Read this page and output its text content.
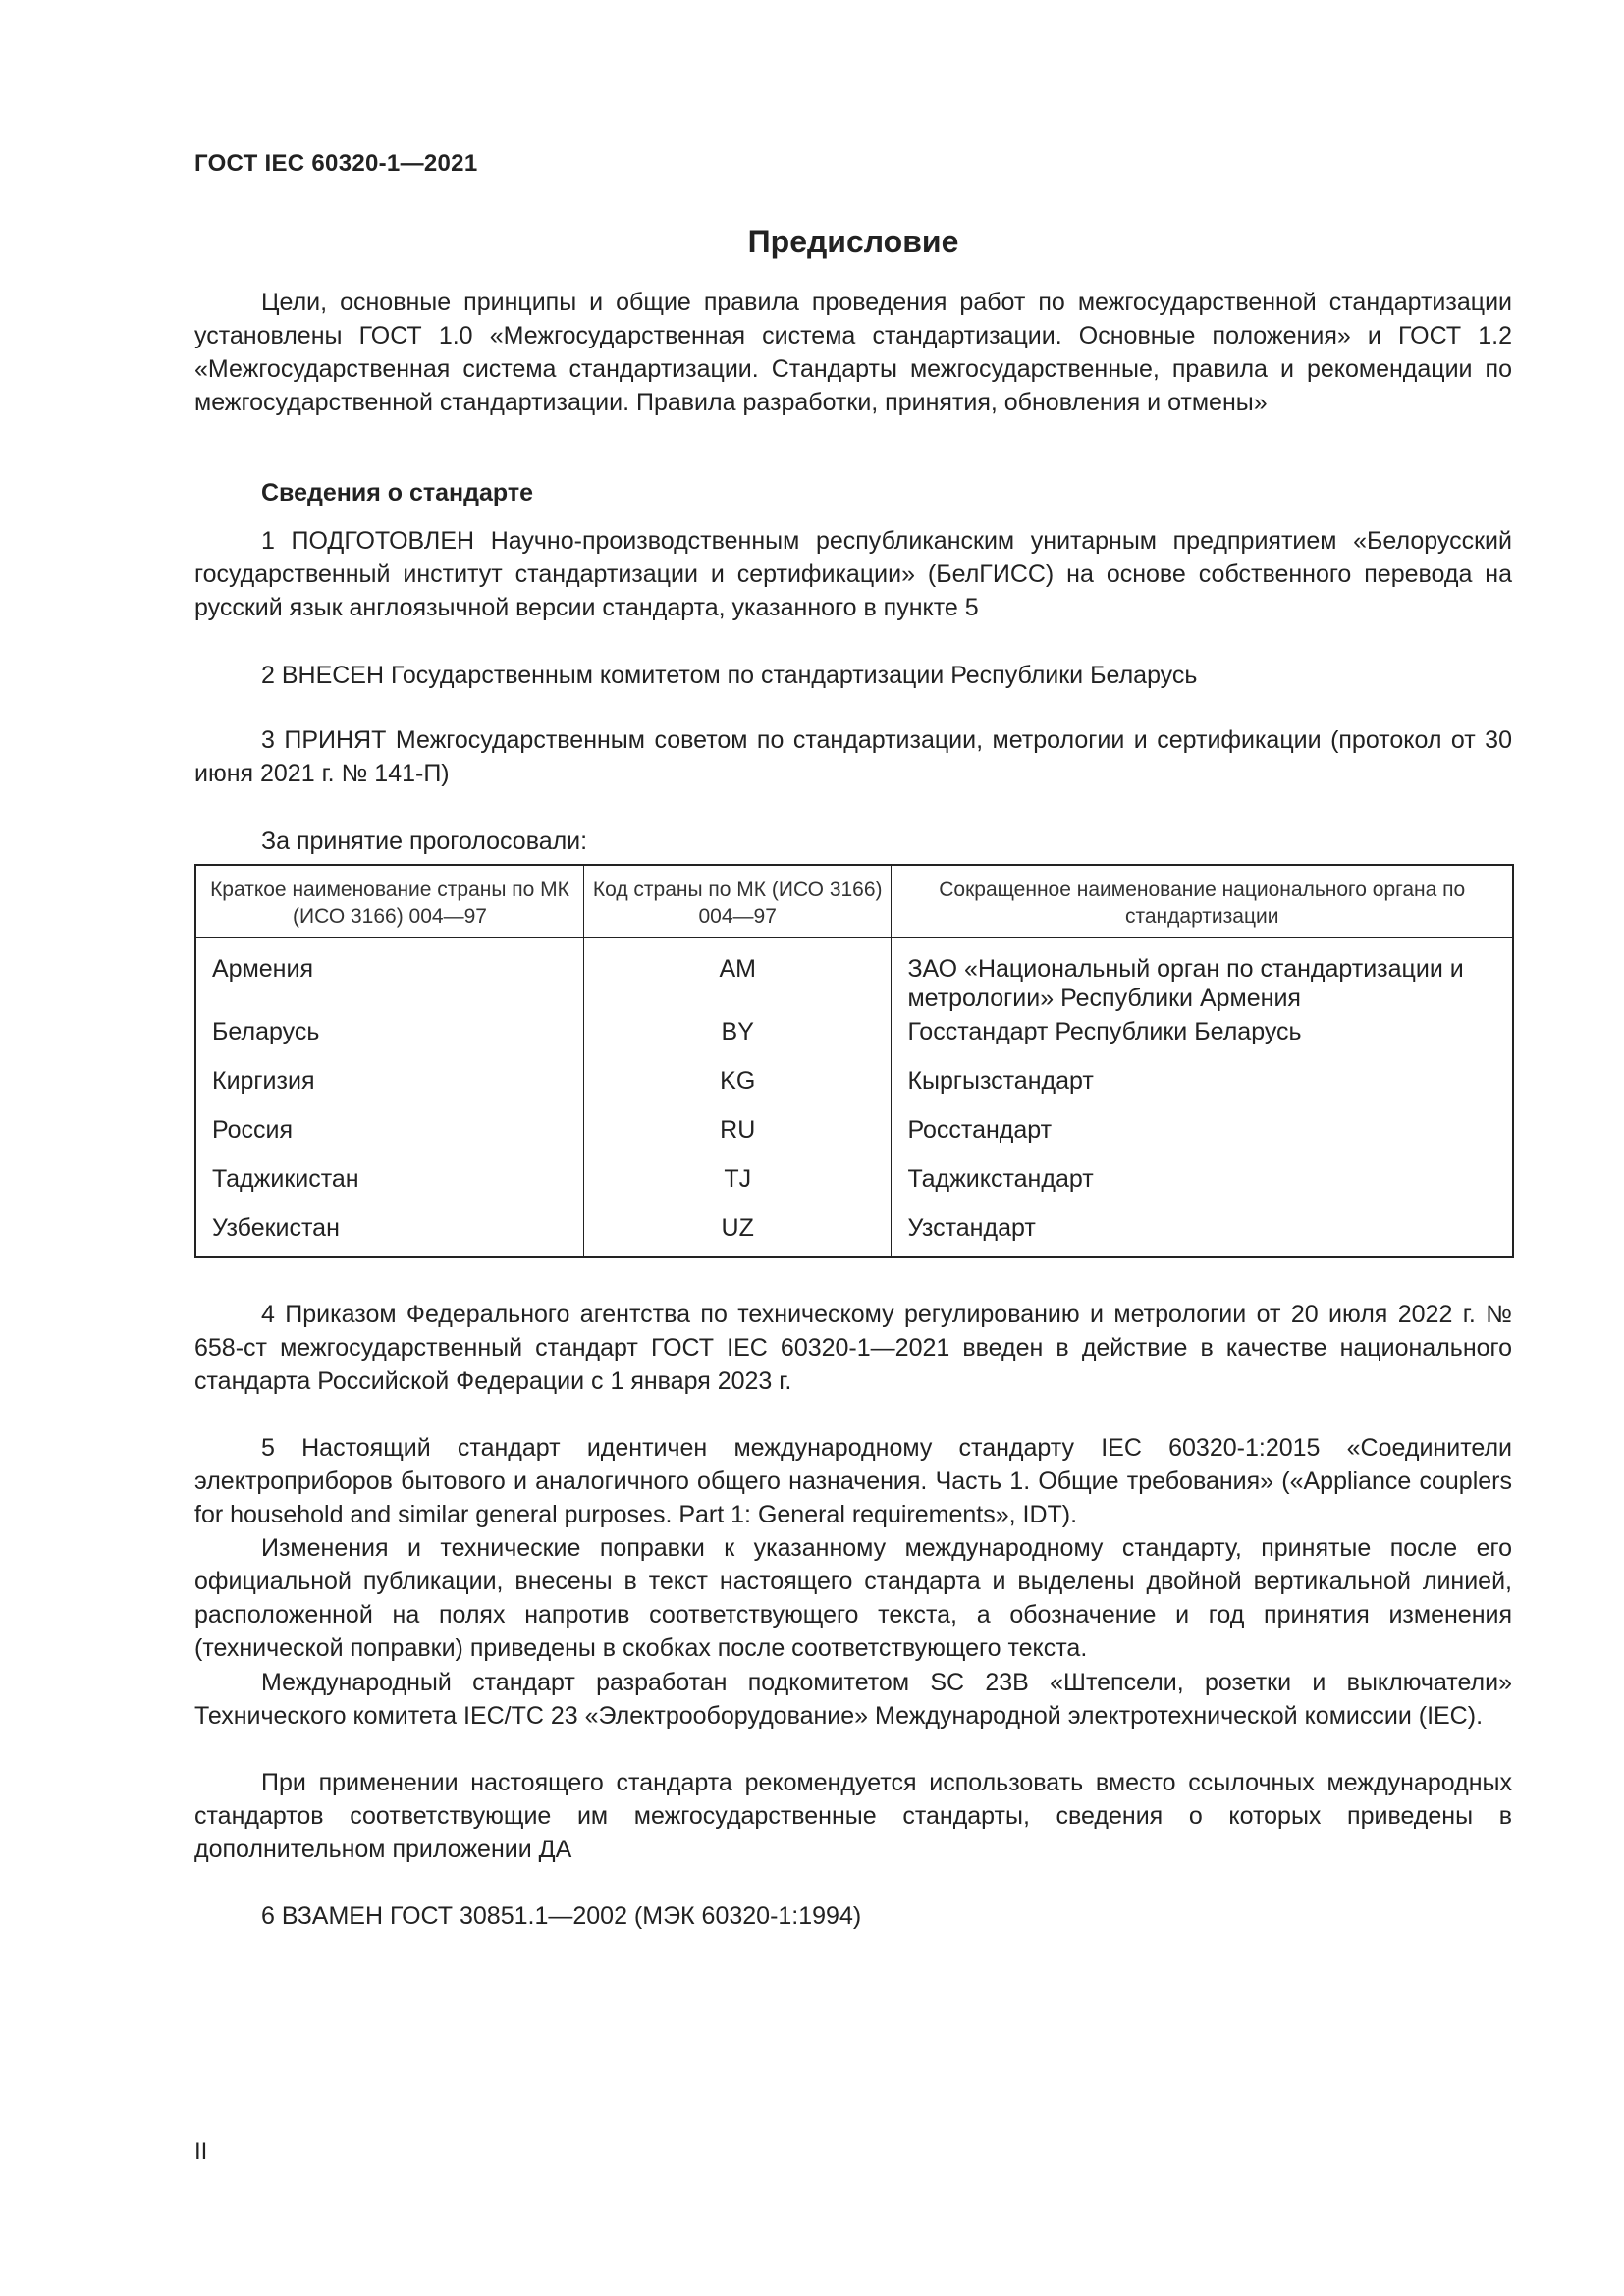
ГОСТ IEC 60320-1—2021
Предисловие
Цели, основные принципы и общие правила проведения работ по межгосударственной стандартизации установлены ГОСТ 1.0 «Межгосударственная система стандартизации. Основные положения» и ГОСТ 1.2 «Межгосударственная система стандартизации. Стандарты межгосударственные, правила и рекомендации по межгосударственной стандартизации. Правила разработки, принятия, обновления и отмены»
Сведения о стандарте
1 ПОДГОТОВЛЕН Научно-производственным республиканским унитарным предприятием «Белорусский государственный институт стандартизации и сертификации» (БелГИСС) на основе собственного перевода на русский язык англоязычной версии стандарта, указанного в пункте 5
2 ВНЕСЕН Государственным комитетом по стандартизации Республики Беларусь
3 ПРИНЯТ Межгосударственным советом по стандартизации, метрологии и сертификации (протокол от 30 июня 2021 г. № 141-П)
За принятие проголосовали:
Краткое наименование страны по МК (ИСО 3166) 004—97	Код страны по МК (ИСО 3166) 004—97	Сокращенное наименование национального органа по стандартизации
Армения	AM	ЗАО «Национальный орган по стандартизации и метрологии» Республики Армения
Беларусь	BY	Госстандарт Республики Беларусь
Киргизия	KG	Кыргызстандарт
Россия	RU	Росстандарт
Таджикистан	TJ	Таджикстандарт
Узбекистан	UZ	Узстандарт
4 Приказом Федерального агентства по техническому регулированию и метрологии от 20 июля 2022 г. № 658-ст межгосударственный стандарт ГОСТ IEC 60320-1—2021 введен в действие в качестве национального стандарта Российской Федерации с 1 января 2023 г.
5 Настоящий стандарт идентичен международному стандарту IEC 60320-1:2015 «Соединители электроприборов бытового и аналогичного общего назначения. Часть 1. Общие требования» («Appliance couplers for household and similar general purposes. Part 1: General requirements», IDT).
Изменения и технические поправки к указанному международному стандарту, принятые после его официальной публикации, внесены в текст настоящего стандарта и выделены двойной вертикальной линией, расположенной на полях напротив соответствующего текста, а обозначение и год принятия изменения (технической поправки) приведены в скобках после соответствующего текста.
Международный стандарт разработан подкомитетом SC 23B «Штепсели, розетки и выключатели» Технического комитета IEC/TC 23 «Электрооборудование» Международной электротехнической комиссии (IEC).
При применении настоящего стандарта рекомендуется использовать вместо ссылочных международных стандартов соответствующие им межгосударственные стандарты, сведения о которых приведены в дополнительном приложении ДА
6 ВЗАМЕН ГОСТ 30851.1—2002 (МЭК 60320-1:1994)
II
